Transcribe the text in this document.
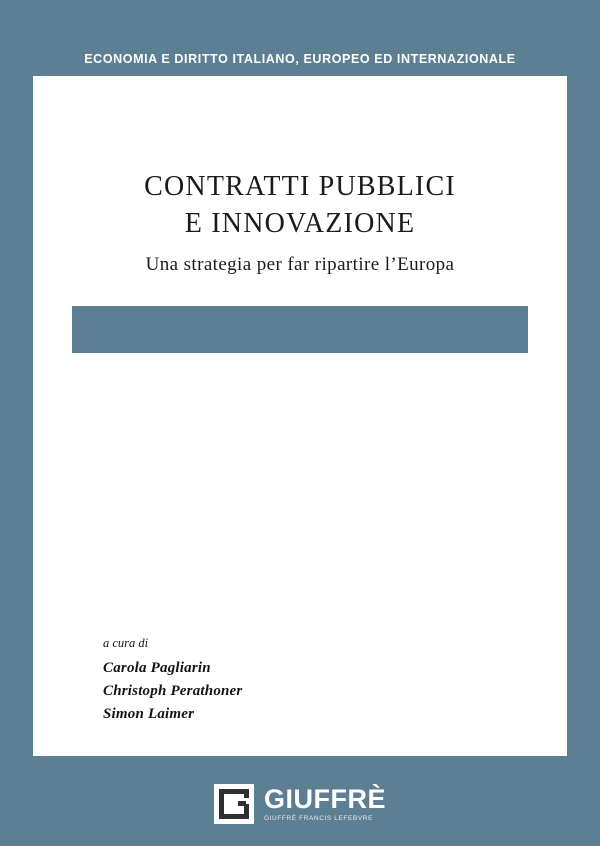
ECONOMIA E DIRITTO ITALIANO, EUROPEO ED INTERNAZIONALE
CONTRATTI PUBBLICI
E INNOVAZIONE
Una strategia per far ripartire l’Europa
a cura di
Carola Pagliarin
Christoph Perathoner
Simon Laimer
GIUFFRÈ
GIUFFRÈ FRANCIS LEFEBVRE
